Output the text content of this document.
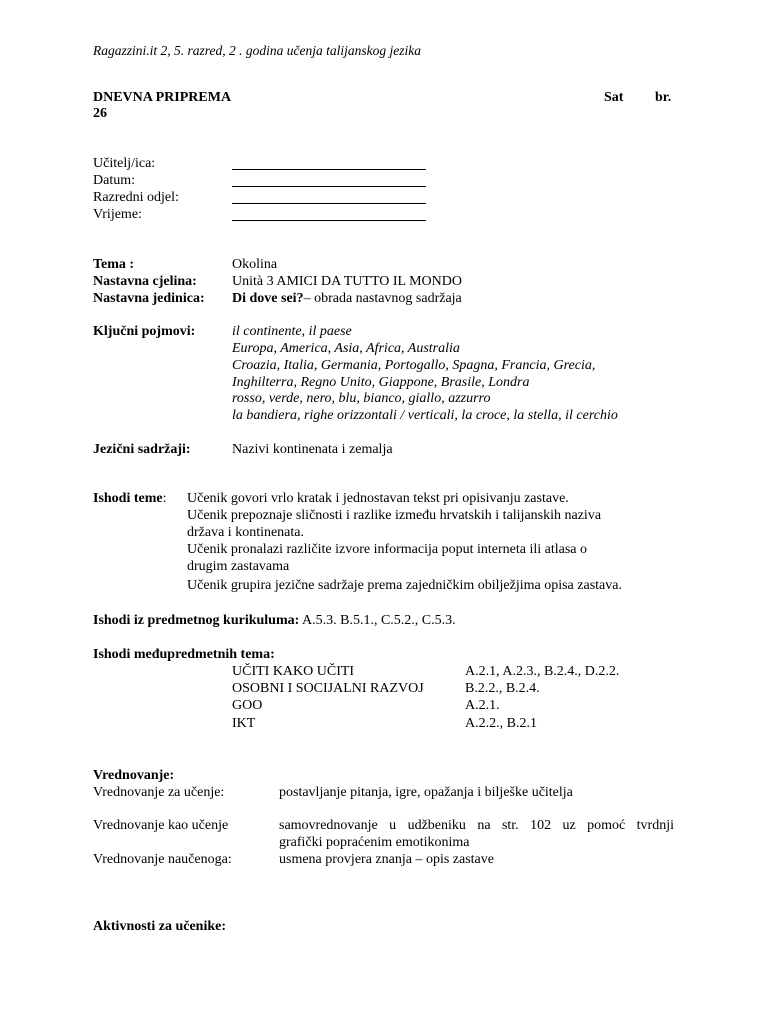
Ragazzini.it 2, 5. razred, 2 . godina učenja talijanskog jezika
DNEVNA PRIPREMA	Sat br.
26
Učitelj/ica:
Datum:
Razredni odjel:
Vrijeme:
Tema :	Okolina
Nastavna cjelina:	Unità 3 AMICI DA TUTTO IL MONDO
Nastavna jedinica: Di dove sei?– obrada nastavnog sadržaja
Ključni pojmovi:	il continente, il paese
Europa, America, Asia, Africa, Australia
Croazia, Italia, Germania, Portogallo, Spagna, Francia, Grecia,
Inghilterra, Regno Unito, Giappone, Brasile, Londra
rosso, verde, nero, blu, bianco, giallo, azzurro
la bandiera, righe orizzontali / verticali, la croce, la stella, il cerchio
Jezični sadržaji:	Nazivi kontinenata i zemalja
Ishodi teme: Učenik govori vrlo kratak i jednostavan tekst pri opisivanju zastave.
Učenik prepoznaje sličnosti i razlike između hrvatskih i talijanskih naziva
država i kontinenata.
Učenik pronalazi različite izvore informacija poput interneta ili atlasa o
drugim zastavama
Učenik grupira jezične sadržaje prema zajedničkim obilježjima opisa zastava.
Ishodi iz predmetnog kurikuluma: A.5.3. B.5.1., C.5.2., C.5.3.
Ishodi međupredmetnih tema:
UČITI KAKO UČITI	A.2.1, A.2.3., B.2.4., D.2.2.
OSOBNI I SOCIJALNI RAZVOJ	B.2.2., B.2.4.
GOO	A.2.1.
IKT	A.2.2., B.2.1
Vrednovanje:
Vrednovanje za učenje:	postavljanje pitanja, igre, opažanja i bilješke učitelja
Vrednovanje kao učenje	samovrednovanje u udžbeniku na str. 102 uz pomoć tvrdnji
grafički popraćenim emotikonima
Vrednovanje naučenoga:	usmena provjera znanja – opis zastave
Aktivnosti za učenike:
